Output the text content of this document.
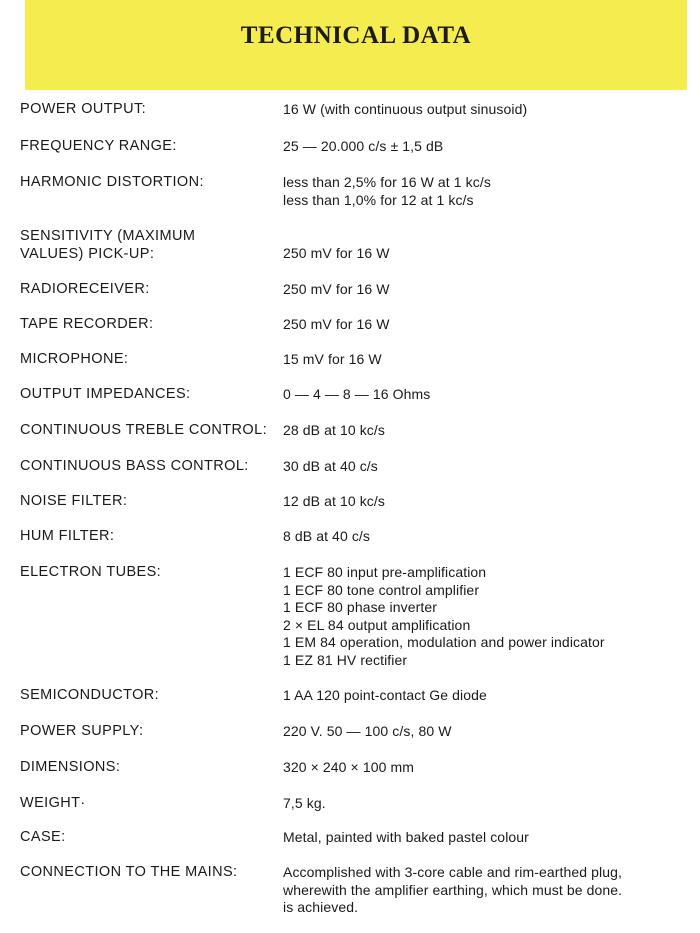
TECHNICAL DATA
POWER OUTPUT:	16 W (with continuous output sinusoid)
FREQUENCY RANGE:	25 — 20.000 c/s ± 1,5 dB
HARMONIC DISTORTION:	less than 2,5% for 16 W at 1 kc/s
less than 1,0% for 12 at 1 kc/s
SENSITIVITY (MAXIMUM
VALUES) PICK-UP:	250 mV for 16 W
RADIORECEIVER:	250 mV for 16 W
TAPE RECORDER:	250 mV for 16 W
MICROPHONE:	15 mV for 16 W
OUTPUT IMPEDANCES:	0 — 4 — 8 — 16 Ohms
CONTINUOUS TREBLE CONTROL: 28 dB at 10 kc/s
CONTINUOUS BASS CONTROL: 30 dB at 40 c/s
NOISE FILTER:	12 dB at 10 kc/s
HUM FILTER:	8 dB at 40 c/s
ELECTRON TUBES:	1 ECF 80 input pre-amplification
1 ECF 80 tone control amplifier
1 ECF 80 phase inverter
2 × EL 84 output amplification
1 EM 84 operation, modulation and power indicator
1 EZ 81 HV rectifier
SEMICONDUCTOR:	1 AA 120 point-contact Ge diode
POWER SUPPLY:	220 V. 50 — 100 c/s, 80 W
DIMENSIONS:	320 × 240 × 100 mm
WEIGHT·	7,5 kg.
CASE:	Metal, painted with baked pastel colour
CONNECTION TO THE MAINS:	Accomplished with 3-core cable and rim-earthed plug,
wherewith the amplifier earthing, which must be done.
is achieved.
